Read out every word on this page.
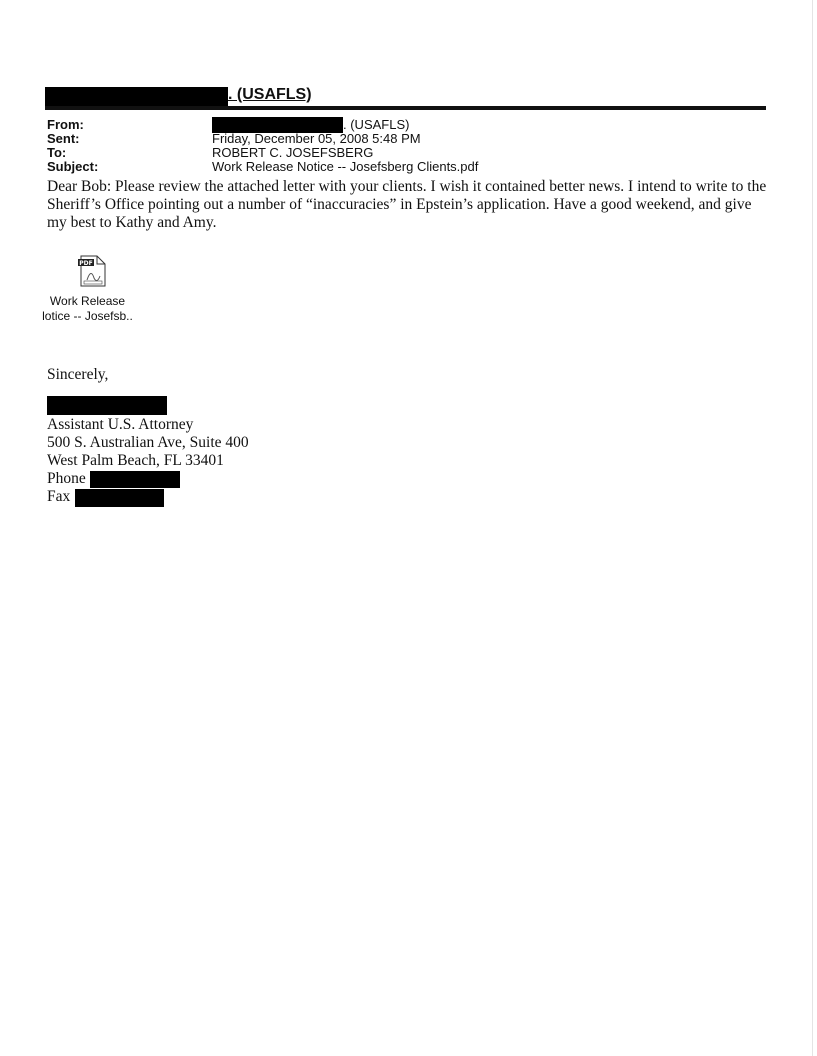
. (USAFLS)
From:	. (USAFLS)
Sent:	Friday, December 05, 2008 5:48 PM
To:	ROBERT C. JOSEFSBERG
Subject:	Work Release Notice -- Josefsberg Clients.pdf
Dear Bob: Please review the attached letter with your clients. I wish it contained better news. I intend to write to the Sheriff’s Office pointing out a number of “inaccuracies” in Epstein’s application. Have a good weekend, and give my best to Kathy and Amy.
PDF
Work Release
lotice -- Josefsb..
Sincerely,
Assistant U.S. Attorney
500 S. Australian Ave, Suite 400
West Palm Beach, FL 33401
Phone
Fax
